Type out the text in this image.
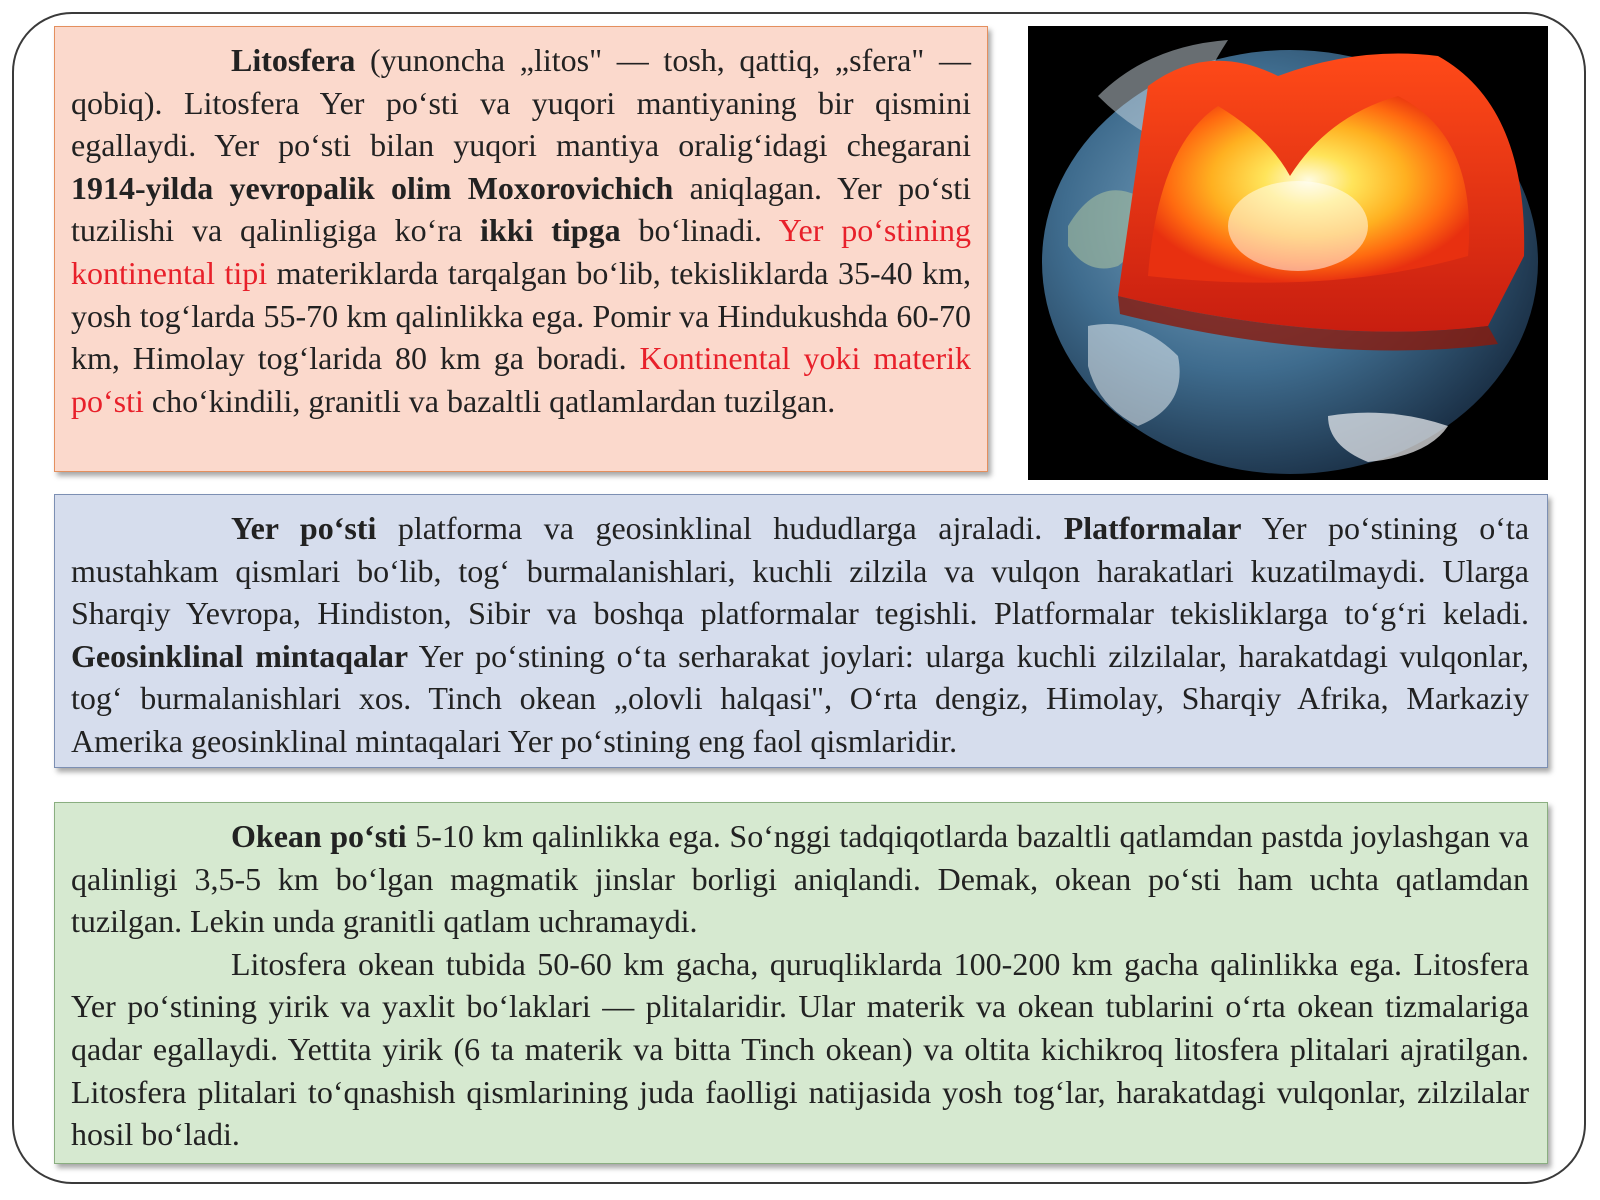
Litosfera (yunoncha „litos" — tosh, qattiq, „sfera" — qobiq). Litosfera Yer po‘sti va yuqori mantiyaning bir qismini egallaydi. Yer po‘sti bilan yuqori mantiya oralig‘idagi chegarani 1914-yilda yevropalik olim Moxorovichich aniqlagan. Yer po‘sti tuzilishi va qalinligiga ko‘ra ikki tipga bo‘linadi. Yer po‘stining kontinental tipi materiklarda tarqalgan bo‘lib, tekisliklarda 35-40 km, yosh tog‘larda 55-70 km qalinlikka ega. Pomir va Hindukushda 60-70 km, Himolay tog‘larida 80 km ga boradi. Kontinental yoki materik po‘sti cho‘kindili, granitli va bazaltli qatlamlardan tuzilgan.

Yer po‘sti platforma va geosinklinal hududlarga ajraladi. Platformalar Yer po‘stining o‘ta mustahkam qismlari bo‘lib, tog‘ burmalanishlari, kuchli zilzila va vulqon harakatlari kuzatilmaydi. Ularga Sharqiy Yevropa, Hindiston, Sibir va boshqa platformalar tegishli. Platformalar tekisliklarga to‘g‘ri keladi. Geosinklinal mintaqalar Yer po‘stining o‘ta serharakat joylari: ularga kuchli zilzilalar, harakatdagi vulqonlar, tog‘ burmalanishlari xos. Tinch okean „olovli halqasi", O‘rta dengiz, Himolay, Sharqiy Afrika, Markaziy Amerika geosinklinal mintaqalari Yer po‘stining eng faol qismlaridir.

Okean po‘sti 5-10 km qalinlikka ega. So‘nggi tadqiqotlarda bazaltli qatlamdan pastda joylashgan va qalinligi 3,5-5 km bo‘lgan magmatik jinslar borligi aniqlandi. Demak, okean po‘sti ham uchta qatlamdan tuzilgan. Lekin unda granitli qatlam uchramaydi.

Litosfera okean tubida 50-60 km gacha, quruqliklarda 100-200 km gacha qalinlikka ega. Litosfera Yer po‘stining yirik va yaxlit bo‘laklari — plitalaridir. Ular materik va okean tublarini o‘rta okean tizmalariga qadar egallaydi. Yettita yirik (6 ta materik va bitta Tinch okean) va oltita kichikroq litosfera plitalari ajratilgan. Litosfera plitalari to‘qnashish qismlarining juda faolligi natijasida yosh tog‘lar, harakatdagi vulqonlar, zilzilalar hosil bo‘ladi.
